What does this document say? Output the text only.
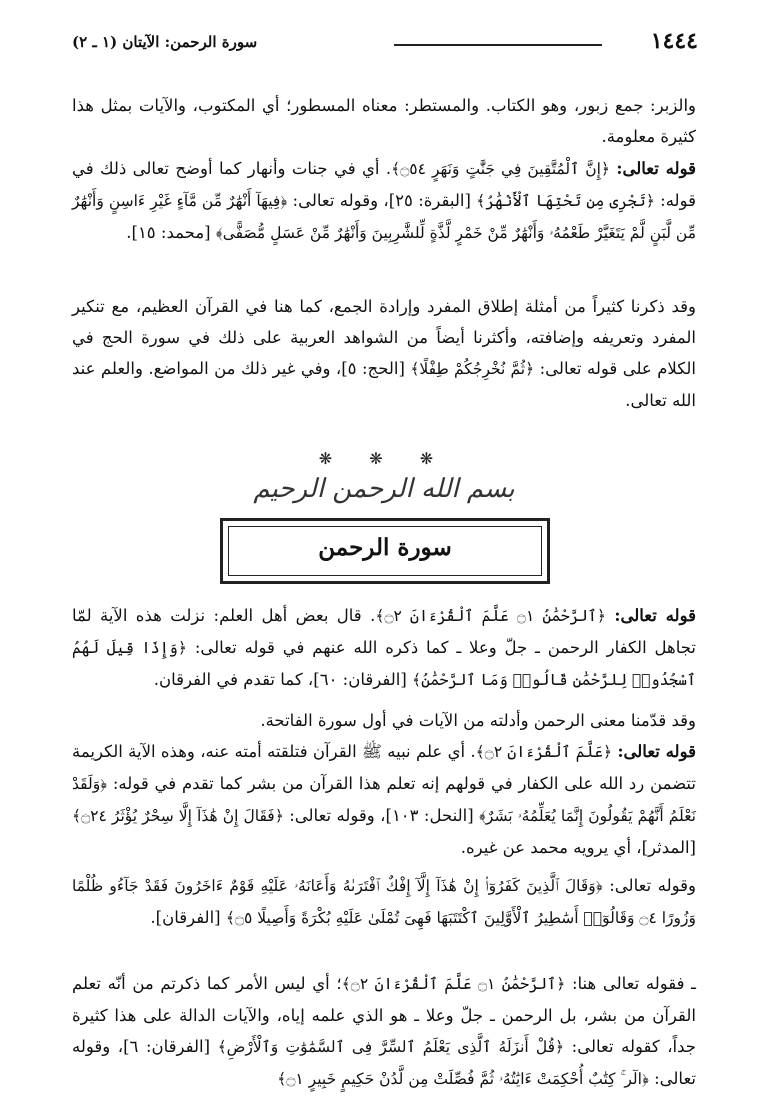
١٤٤٤
سورة الرحمن: الآيتان (١ ـ ٢)

والزبر: جمع زبور، وهو الكتاب. والمستطر: معناه المسطور؛ أي المكتوب، والآيات بمثل هذا كثيرة معلومة.

قوله تعالى: ﴿إِنَّ ٱلْمُتَّقِينَ فِي جَنَّٰتٍ وَنَهَرٍ ۝٥٤﴾. أي في جنات وأنهار كما أوضح تعالى ذلك في قوله: ﴿تَجْرِى مِن تَحْتِهَا ٱلْأَنْهَٰرُ﴾ [البقرة: ٢٥]، وقوله تعالى: ﴿فِيهَآ أَنْهَٰرٌ مِّن مَّآءٍ غَيْرِ ءَاسِنٍ وَأَنْهَٰرٌ مِّن لَّبَنٍ لَّمْ يَتَغَيَّرْ طَعْمُهُۥ وَأَنْهَٰرٌ مِّنْ خَمْرٍ لَّذَّةٍ لِّلشَّٰرِبِينَ وَأَنْهَٰرٌ مِّنْ عَسَلٍ مُّصَفًّى﴾ [محمد: ١٥].

وقد ذكرنا كثيراً من أمثلة إطلاق المفرد وإرادة الجمع، كما هنا في القرآن العظيم، مع تنكير المفرد وتعريفه وإضافته، وأكثرنا أيضاً من الشواهد العربية على ذلك في سورة الحج في الكلام على قوله تعالى: ﴿ثُمَّ نُخْرِجُكُمْ طِفْلًا﴾ [الحج: ٥]، وفي غير ذلك من المواضع. والعلم عند الله تعالى.

❋ ❋ ❋
بسم الله الرحمن الرحيم
سورة الرحمن

قوله تعالى: ﴿ٱلرَّحْمَٰنُ ۝١ عَلَّمَ ٱلْقُرْءَانَ ۝٢﴾. قال بعض أهل العلم: نزلت هذه الآية لمّا تجاهل الكفار الرحمن ـ جلّ وعلا ـ كما ذكره الله عنهم في قوله تعالى: ﴿وَإِذَا قِيلَ لَهُمُ ٱسْجُدُوا۟ لِلرَّحْمَٰنِ قَالُوا۟ وَمَا ٱلرَّحْمَٰنُ﴾ [الفرقان: ٦٠]، كما تقدم في الفرقان.

وقد قدّمنا معنى الرحمن وأدلته من الآيات في أول سورة الفاتحة.

قوله تعالى: ﴿عَلَّمَ ٱلْقُرْءَانَ ۝٢﴾. أي علم نبيه ﷺ القرآن فتلقته أمته عنه، وهذه الآية الكريمة تتضمن رد الله على الكفار في قولهم إنه تعلم هذا القرآن من بشر كما تقدم في قوله: ﴿وَلَقَدْ نَعْلَمُ أَنَّهُمْ يَقُولُونَ إِنَّمَا يُعَلِّمُهُۥ بَشَرٌ﴾ [النحل: ١٠٣]، وقوله تعالى: ﴿فَقَالَ إِنْ هَٰذَآ إِلَّا سِحْرٌ يُؤْثَرُ ۝٢٤﴾ [المدثر]، أي يرويه محمد عن غيره.

وقوله تعالى: ﴿وَقَالَ ٱلَّذِينَ كَفَرُوٓا۟ إِنْ هَٰذَآ إِلَّآ إِفْكٌ ٱفْتَرَىٰهُ وَأَعَانَهُۥ عَلَيْهِ قَوْمٌ ءَاخَرُونَ فَقَدْ جَآءُو ظُلْمًا وَزُورًا ۝٤ وَقَالُوٓا۟ أَسَٰطِيرُ ٱلْأَوَّلِينَ ٱكْتَتَبَهَا فَهِىَ تُمْلَىٰ عَلَيْهِ بُكْرَةً وَأَصِيلًا ۝٥﴾ [الفرقان].

ـ فقوله تعالى هنا: ﴿ٱلرَّحْمَٰنُ ۝١ عَلَّمَ ٱلْقُرْءَانَ ۝٢﴾؛ أي ليس الأمر كما ذكرتم من أنّه تعلم القرآن من بشر، بل الرحمن ـ جلّ وعلا ـ هو الذي علمه إياه، والآيات الدالة على هذا كثيرة جداً، كقوله تعالى: ﴿قُلْ أَنزَلَهُ ٱلَّذِى يَعْلَمُ ٱلسِّرَّ فِى ٱلسَّمَٰوَٰتِ وَٱلْأَرْضِ﴾ [الفرقان: ٦]، وقوله تعالى: ﴿الٓر ۚ كِتَٰبٌ أُحْكِمَتْ ءَايَٰتُهُۥ ثُمَّ فُصِّلَتْ مِن لَّدُنْ حَكِيمٍ خَبِيرٍ ۝١﴾
